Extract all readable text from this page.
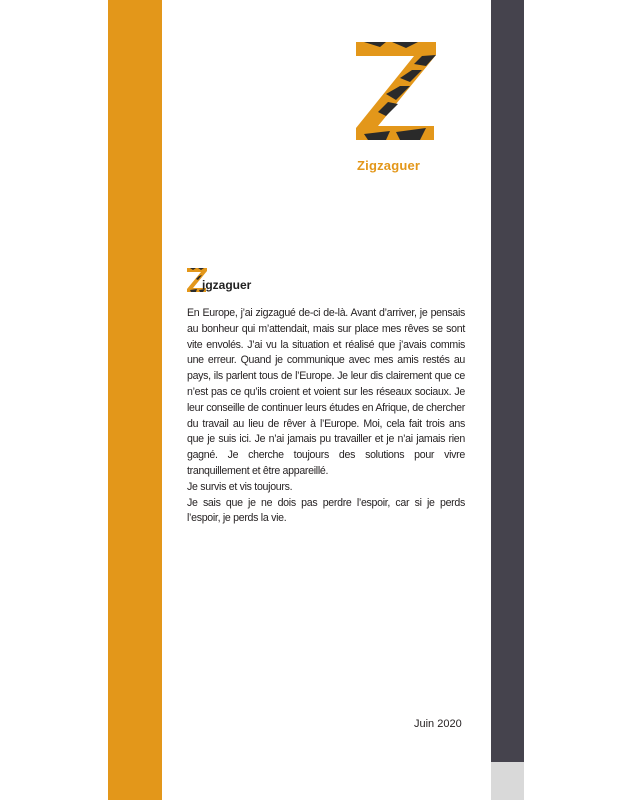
Zigzaguer
igzaguer

En Europe, j’ai zigzagué de-ci de-là. Avant d’arriver, je pensais au bonheur qui m’attendait, mais sur place mes rêves se sont vite envolés. J’ai vu la situation et réalisé que j’avais commis une erreur. Quand je communique avec mes amis restés au pays, ils parlent tous de l’Europe. Je leur dis clairement que ce n’est pas ce qu’ils croient et voient sur les réseaux sociaux. Je leur conseille de continuer leurs études en Afrique, de chercher du travail au lieu de rêver à l’Europe. Moi, cela fait trois ans que je suis ici. Je n’ai jamais pu travailler et je n’ai jamais rien gagné. Je cherche toujours des solutions pour vivre tranquillement et être appareillé.

Je survis et vis toujours.

Je sais que je ne dois pas perdre l’espoir, car si je perds l’espoir, je perds la vie.

Juin 2020
